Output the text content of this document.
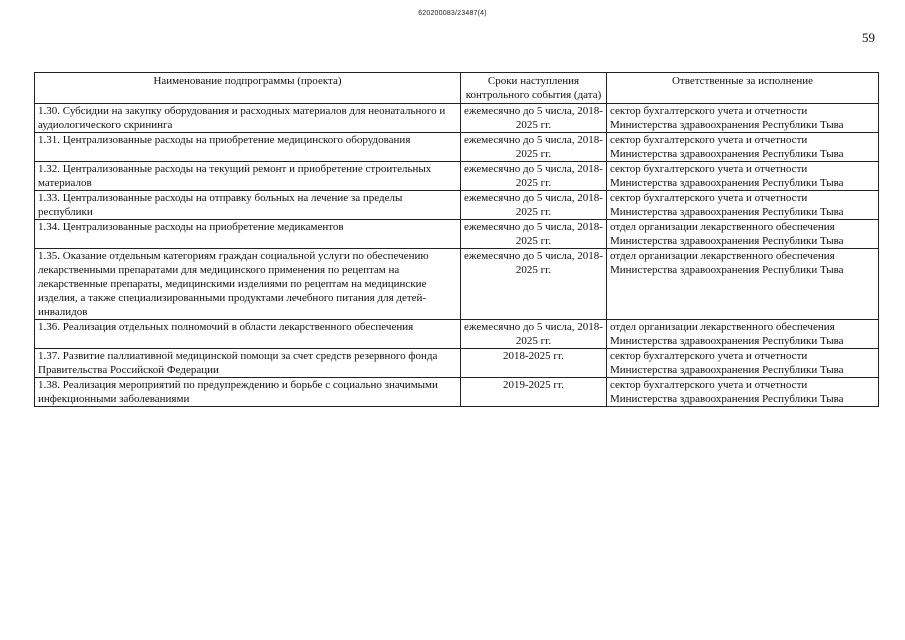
620200083/23487(4)
59
Наименование подпрограммы (проекта)	Сроки наступления контрольного события (дата)	Ответственные за исполнение
1.30. Субсидии на закупку оборудования и расходных материалов для неонатального и аудиологического скрининга	ежемесячно до 5 числа, 2018-2025 гг.	сектор бухгалтерского учета и отчетности Министерства здравоохранения Республики Тыва
1.31. Централизованные расходы на приобретение медицинского оборудования	ежемесячно до 5 числа, 2018-2025 гг.	сектор бухгалтерского учета и отчетности Министерства здравоохранения Республики Тыва
1.32. Централизованные расходы на текущий ремонт и приобретение строительных материалов	ежемесячно до 5 числа, 2018-2025 гг.	сектор бухгалтерского учета и отчетности Министерства здравоохранения Республики Тыва
1.33. Централизованные расходы на отправку больных на лечение за пределы республики	ежемесячно до 5 числа, 2018-2025 гг.	сектор бухгалтерского учета и отчетности Министерства здравоохранения Республики Тыва
1.34. Централизованные расходы на приобретение медикаментов	ежемесячно до 5 числа, 2018-2025 гг.	отдел организации лекарственного обеспечения Министерства здравоохранения Республики Тыва
1.35. Оказание отдельным категориям граждан социальной услуги по обеспечению лекарственными препаратами для медицинского применения по рецептам на лекарственные препараты, медицинскими изделиями по рецептам на медицинские изделия, а также специализированными продуктами лечебного питания для детей-инвалидов	ежемесячно до 5 числа, 2018-2025 гг.	отдел организации лекарственного обеспечения Министерства здравоохранения Республики Тыва
1.36. Реализация отдельных полномочий в области лекарственного обеспечения	ежемесячно до 5 числа, 2018-2025 гг.	отдел организации лекарственного обеспечения Министерства здравоохранения Республики Тыва
1.37. Развитие паллиативной медицинской помощи за счет средств резервного фонда Правительства Российской Федерации	2018-2025 гг.	сектор бухгалтерского учета и отчетности Министерства здравоохранения Республики Тыва
1.38. Реализация мероприятий по предупреждению и борьбе с социально значимыми инфекционными заболеваниями	2019-2025 гг.	сектор бухгалтерского учета и отчетности Министерства здравоохранения Республики Тыва
